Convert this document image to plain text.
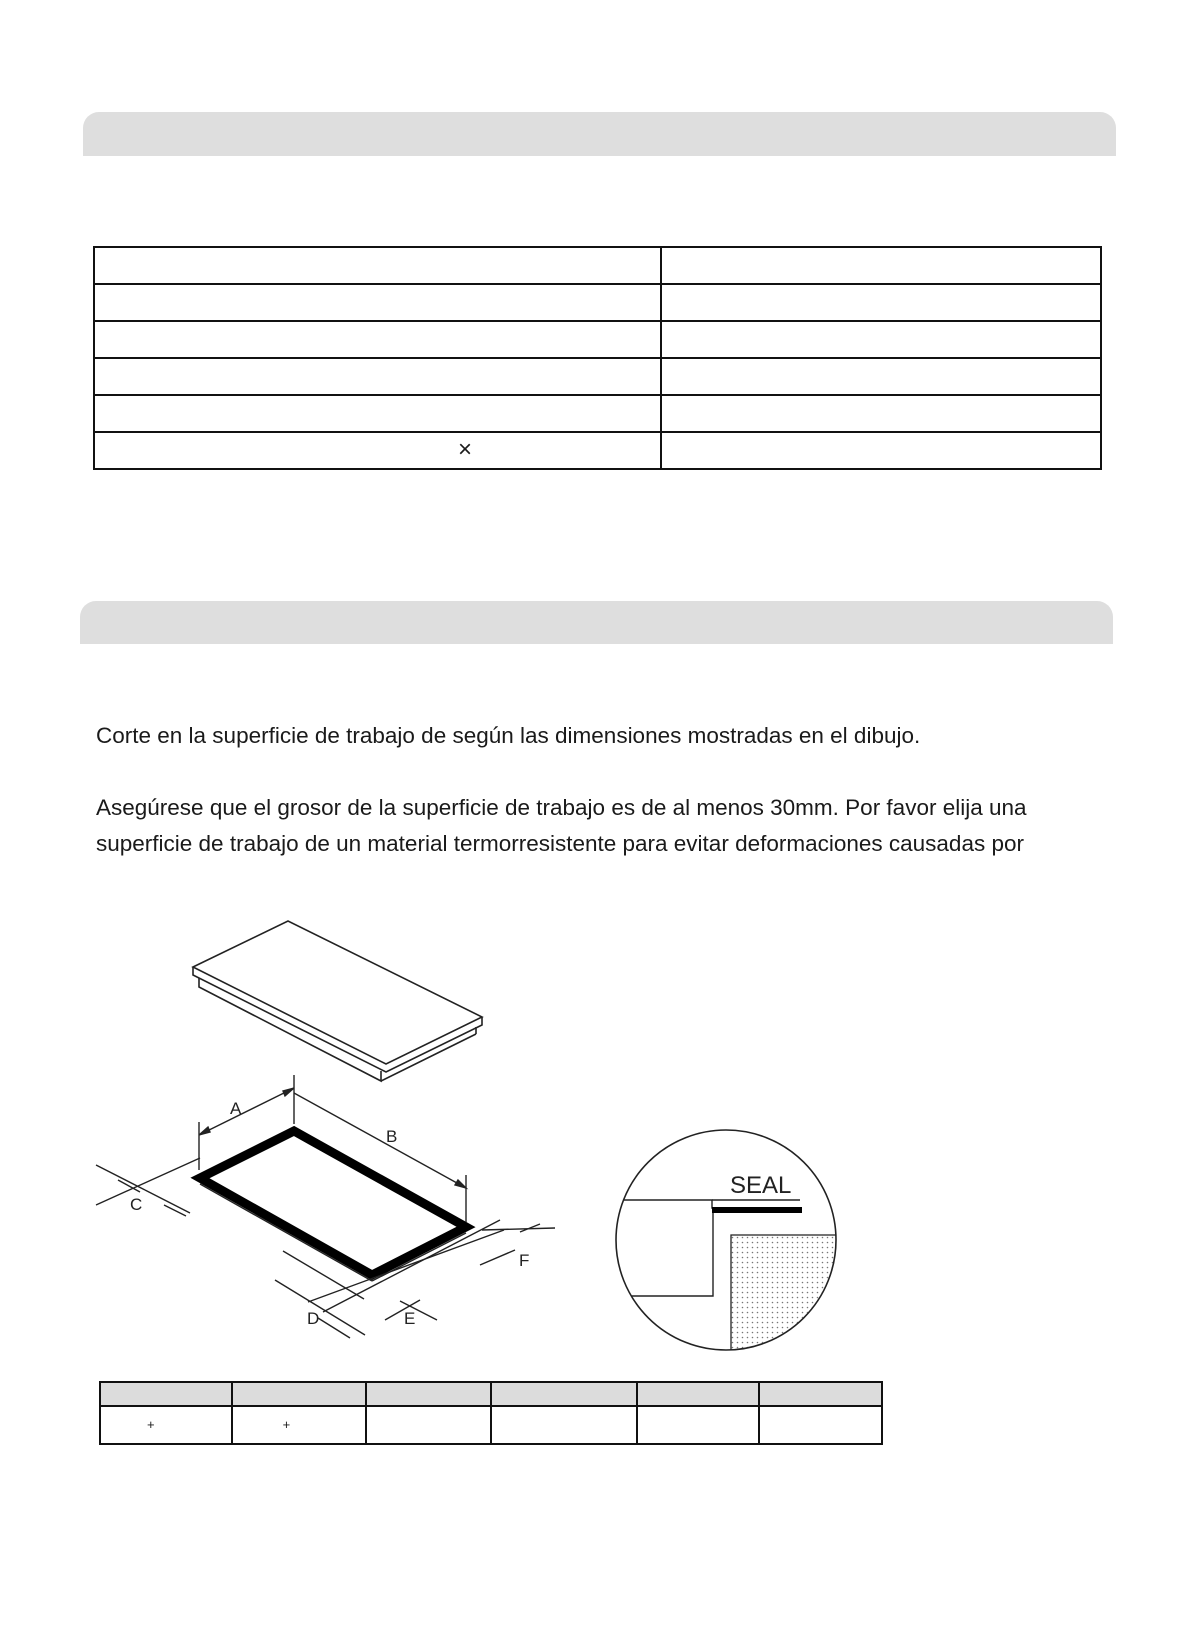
×	

Corte en la superficie de trabajo de según las dimensiones mostradas en el dibujo.
Asegúrese que el grosor de la superficie de trabajo es de al menos 30mm. Por favor elija una
superficie de trabajo de un material termorresistente para evitar deformaciones causadas por
A
B
C
D	E
F
SEAL

+	+				
